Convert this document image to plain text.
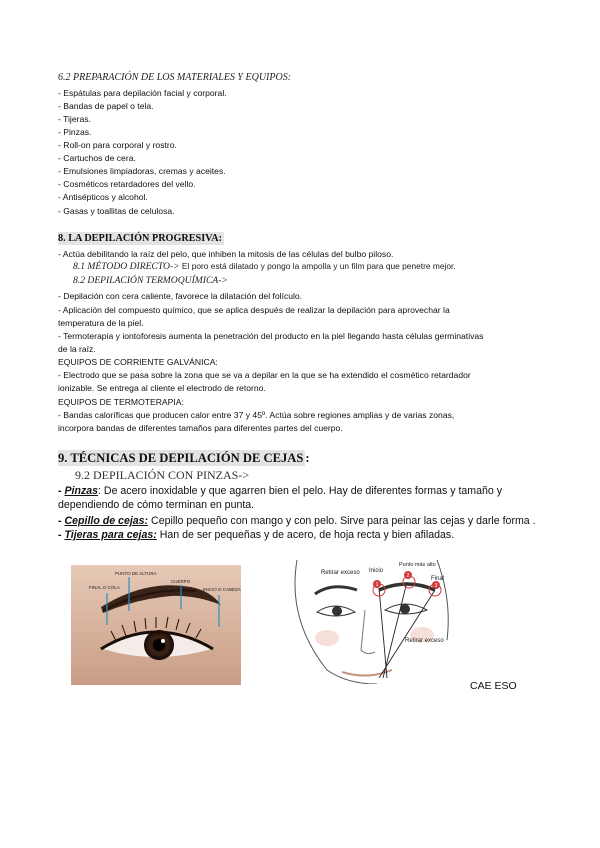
6.2 PREPARACIÓN DE LOS MATERIALES Y EQUIPOS:
- Espátulas para depilación facial y corporal.
- Bandas de papel o tela.
- Tijeras.
- Pinzas.
- Roll-on para corporal y rostro.
- Cartuchos de cera.
- Emulsiones limpiadoras, cremas y aceites.
- Cosméticos retardadores del vello.
- Antisépticos y alcohol.
- Gasas y toallitas de celulosa.
8. LA DEPILACIÓN PROGRESIVA:
- Actúa debilitando la raíz del pelo, que inhiben la mitosis de las células del bulbo piloso.
8.1 MÉTODO DIRECTO-> El poro está dilatado y pongo la ampolla y un film para que penetre mejor.
8.2 DEPILACIÓN TERMOQUÍMICA->
- Depilación con cera caliente, favorece la dilatación del folículo.
- Aplicación del compuesto químico, que se aplica después de realizar la depilación para aprovechar la
temperatura de la piel.
- Termoterapia y iontoforesis aumenta la penetración del producto en la piel llegando hasta células germinativas
de la raíz.
EQUIPOS DE CORRIENTE GALVÁNICA:
- Electrodo que se pasa sobre la zona que se va a depilar en la que se ha extendido el cosmético retardador
ionizable. Se entrega al cliente el electrodo de retorno.
EQUIPOS DE TERMOTERAPIA:
- Bandas caloríficas que producen calor entre 37 y 45º. Actúa sobre regiones amplias y de varias zonas,
incorpora bandas de diferentes tamaños para diferentes partes del cuerpo.
9. TÉCNICAS DE DEPILACIÓN DE CEJAS :
9.2 DEPILACIÓN CON PINZAS->
- Pinzas: De acero inoxidable y que agarren bien el pelo. Hay de diferentes formas y tamaño y dependiendo de cómo terminan en punta.
- Cepillo de cejas: Cepillo pequeño con mango y con pelo. Sirve para peinar las cejas y darle forma .
- Tijeras para cejas: Han de ser pequeñas y de acero, de hoja recta y bien afiladas.
FINAL O COLA
PUNTO DE ALTURA
CUERPO
INICIO O CABEZA
1
2
3
Retirar exceso Inicio
Punto más alto
Final
Retirar exceso
CAE ESO
